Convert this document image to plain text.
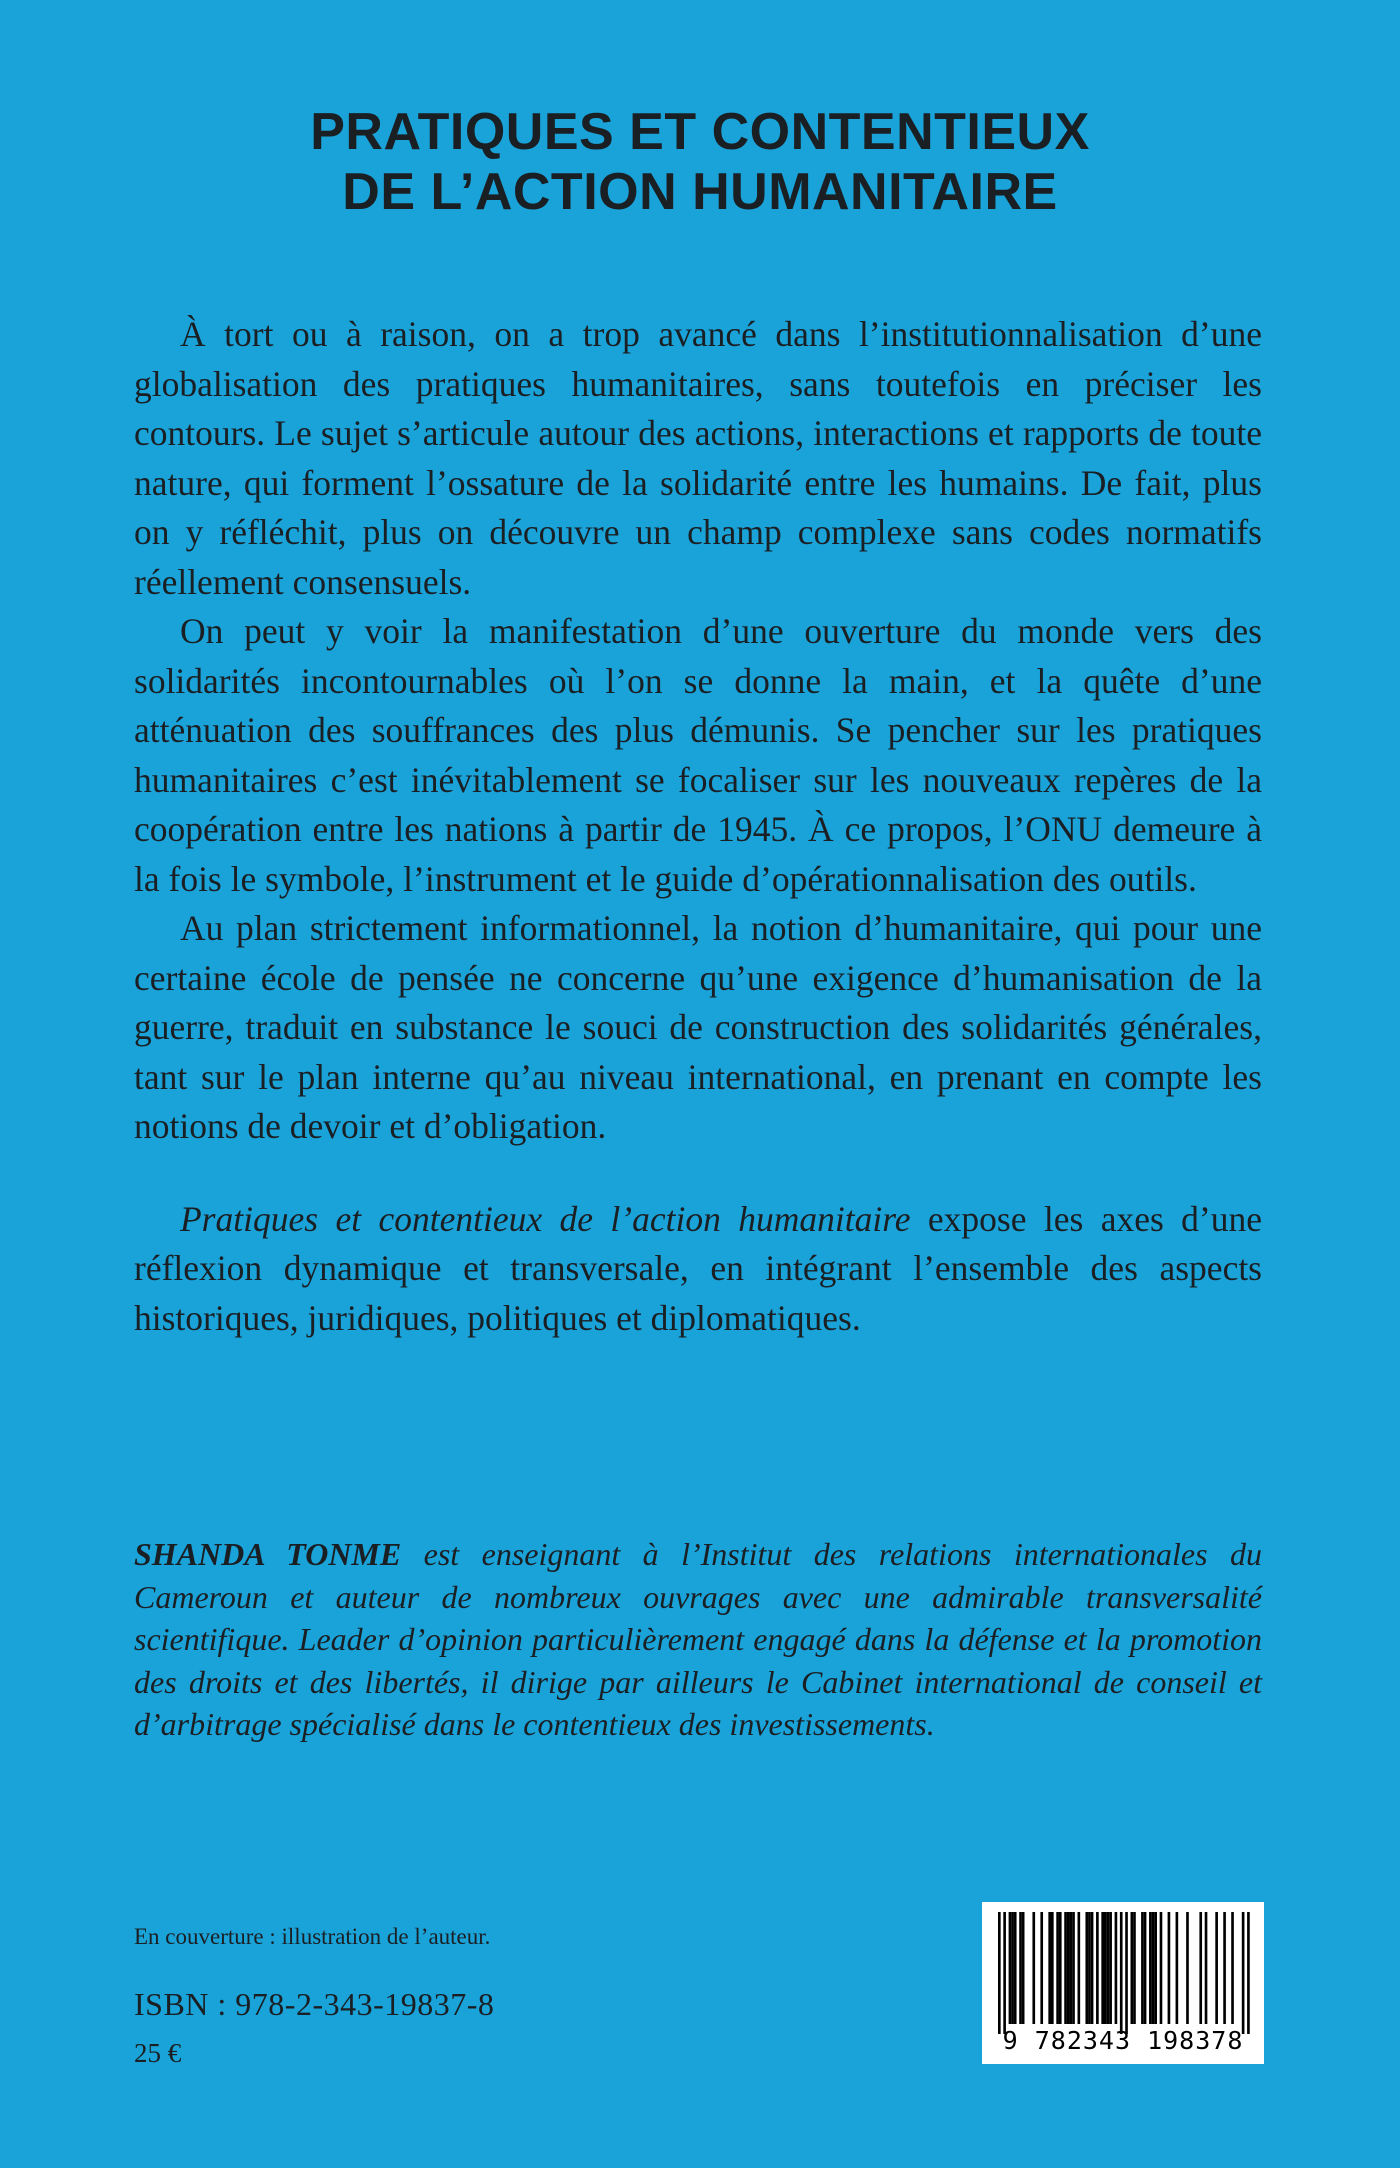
PRATIQUES ET CONTENTIEUX
DE L’ACTION HUMANITAIRE

À tort ou à raison, on a trop avancé dans l’institutionnalisation d’une globalisation des pratiques humanitaires, sans toutefois en préciser les contours. Le sujet s’articule autour des actions, interactions et rapports de toute nature, qui forment l’ossature de la solidarité entre les humains. De fait, plus on y réfléchit, plus on découvre un champ complexe sans codes normatifs réellement consensuels.

On peut y voir la manifestation d’une ouverture du monde vers des solidarités incontournables où l’on se donne la main, et la quête d’une atténuation des souffrances des plus démunis. Se pencher sur les pratiques humanitaires c’est inévitablement se focaliser sur les nouveaux repères de la coopération entre les nations à partir de 1945. À ce propos, l’ONU demeure à la fois le symbole, l’instrument et le guide d’opérationnalisation des outils.

Au plan strictement informationnel, la notion d’humanitaire, qui pour une certaine école de pensée ne concerne qu’une exigence d’humanisation de la guerre, traduit en substance le souci de construction des solidarités générales, tant sur le plan interne qu’au niveau international, en prenant en compte les notions de devoir et d’obligation.

Pratiques et contentieux de l’action humanitaire expose les axes d’une réflexion dynamique et transversale, en intégrant l’ensemble des aspects historiques, juridiques, politiques et diplomatiques.

SHANDA TONME est enseignant à l’Institut des relations internationales du Cameroun et auteur de nombreux ouvrages avec une admirable transversalité scientifique. Leader d’opinion particulièrement engagé dans la défense et la promotion des droits et des libertés, il dirige par ailleurs le Cabinet international de conseil et d’arbitrage spécialisé dans le contentieux des investissements.
En couverture : illustration de l’auteur.
ISBN : 978-2-343-19837-8
25 €	9 782343 198378
